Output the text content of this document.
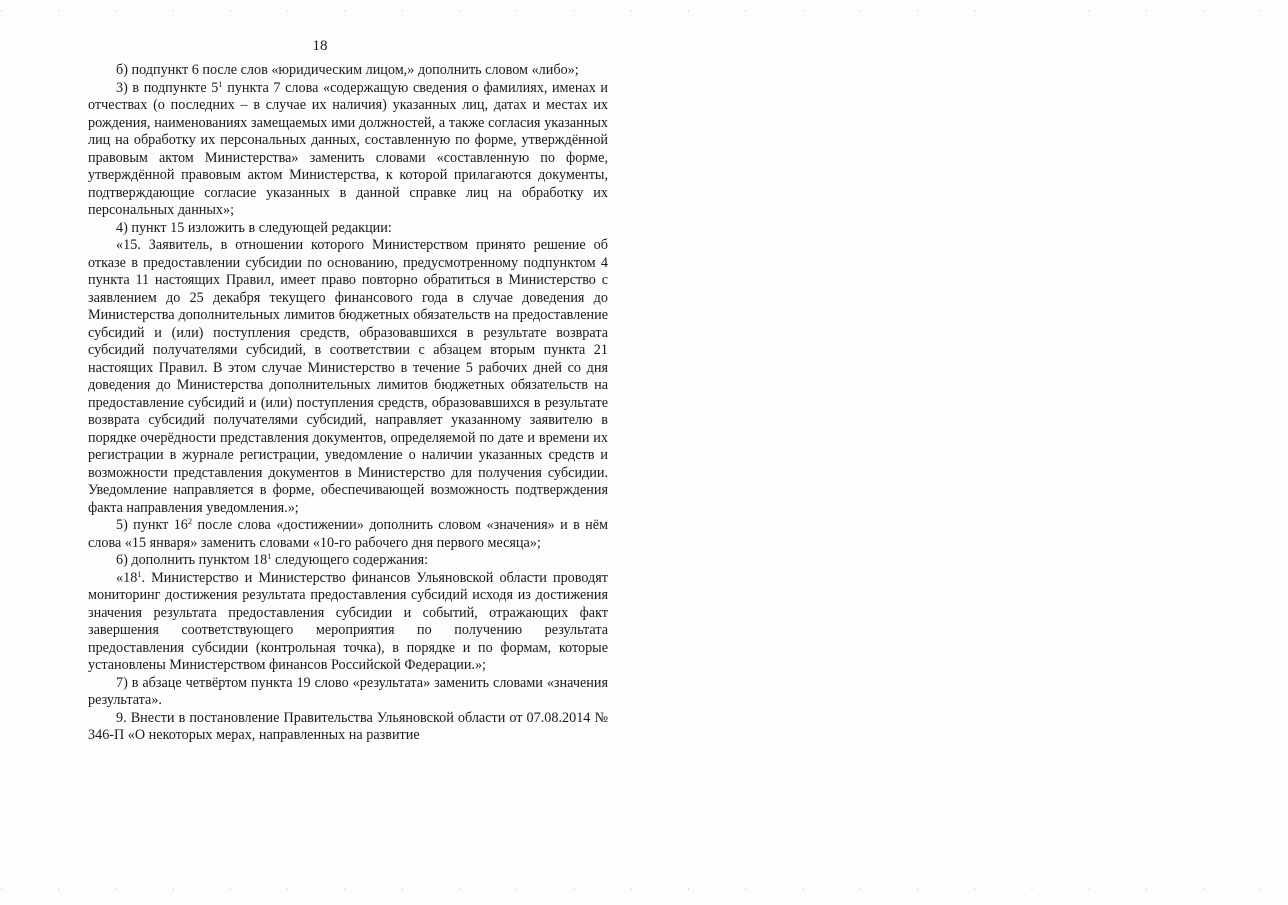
· · · · · · · · · · · · · · · · · · · · · · ·
18

б) подпункт 6 после слов «юридическим лицом,» дополнить словом «либо»;

3) в подпункте $5^1$ пункта 7 слова «содержащую сведения о фамилиях, именах и отчествах (о последних – в случае их наличия) указанных лиц, датах и местах их рождения, наименованиях замещаемых ими должностей, а также согласия указанных лиц на обработку их персональных данных, составленную по форме, утверждённой правовым актом Министерства» заменить словами «составленную по форме, утверждённой правовым актом Министерства, к которой прилагаются документы, подтверждающие согласие указанных в данной справке лиц на обработку их персональных данных»;

4) пункт 15 изложить в следующей редакции:

«15. Заявитель, в отношении которого Министерством принято решение об отказе в предоставлении субсидии по основанию, предусмотренному подпунктом 4 пункта 11 настоящих Правил, имеет право повторно обратиться в Министерство с заявлением до 25 декабря текущего финансового года в случае доведения до Министерства дополнительных лимитов бюджетных обязательств на предоставление субсидий и (или) поступления средств, образовавшихся в результате возврата субсидий получателями субсидий, в соответствии с абзацем вторым пункта 21 настоящих Правил. В этом случае Министерство в течение 5 рабочих дней со дня доведения до Министерства дополнительных лимитов бюджетных обязательств на предоставление субсидий и (или) поступления средств, образовавшихся в результате возврата субсидий получателями субсидий, направляет указанному заявителю в порядке очерёдности представления документов, определяемой по дате и времени их регистрации в журнале регистрации, уведомление о наличии указанных средств и возможности представления документов в Министерство для получения субсидии. Уведомление направляется в форме, обеспечивающей возможность подтверждения факта направления уведомления.»;

5) пункт $16^2$ после слова «достижении» дополнить словом «значения» и в нём слова «15 января» заменить словами «10-го рабочего дня первого месяца»;

6) дополнить пунктом $18^1$ следующего содержания:

«$18^1$. Министерство и Министерство финансов Ульяновской области проводят мониторинг достижения результата предоставления субсидий исходя из достижения значения результата предоставления субсидии и событий, отражающих факт завершения соответствующего мероприятия по получению результата предоставления субсидии (контрольная точка), в порядке и по формам, которые установлены Министерством финансов Российской Федерации.»;

7) в абзаце четвёртом пункта 19 слово «результата» заменить словами «значения результата».

9. Внести в постановление Правительства Ульяновской области от 07.08.2014 № 346-П «О некоторых мерах, направленных на развитие

· · · · · · · · · · · · · · · · · · · · · · ·
